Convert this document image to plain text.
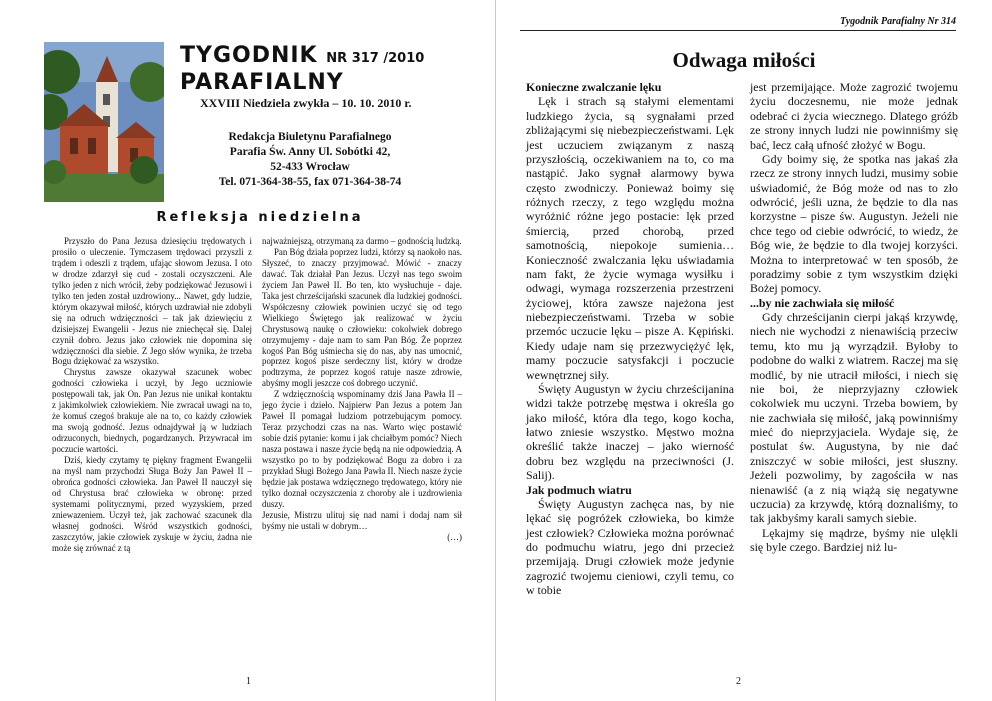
TYGODNIK NR 317 /2010
PARAFIALNY
XXVIII Niedziela zwykła – 10. 10. 2010 r.
Redakcja Biuletynu Parafialnego
Parafia Św. Anny Ul. Sobótki 42,
52-433 Wrocław
Tel. 071-364-38-55, fax 071-364-38-74
Refleksja niedzielna

Przyszło do Pana Jezusa dziesięciu trędowatych i prosiło o uleczenie. Tymczasem trędowaci przyszli z trądem i odeszli z trądem, ufając słowom Jezusa. I oto w drodze zdarzył się cud - zostali oczyszczeni. Ale tylko jeden z nich wrócił, żeby podziękować Jezusowi i tylko ten jeden został uzdrowiony... Nawet, gdy ludzie, którym okazywał miłość, których uzdrawiał nie zdobyli się na odruch wdzięczności – tak jak dziewięciu z dzisiejszej Ewangelii - Jezus nie zniechęcał się. Dalej czynił dobro. Jezus jako człowiek nie dopomina się wdzięczności dla siebie. Z Jego słów wynika, że trzeba Bogu dziękować za wszystko.

Chrystus zawsze okazywał szacunek wobec godności człowieka i uczył, by Jego uczniowie postępowali tak, jak On. Pan Jezus nie unikał kontaktu z jakimkolwiek człowiekiem. Nie zwracał uwagi na to, że komuś czegoś brakuje ale na to, co każdy człowiek ma swoją godność. Jezus odnajdywał ją w ludziach odrzuconych, biednych, pogardzanych. Przywracał im poczucie wartości.

Dziś, kiedy czytamy tę piękny fragment Ewangelii na myśl nam przychodzi Sługa Boży Jan Paweł II – obrońca godności człowieka. Jan Paweł II nauczył się od Chrystusa brać człowieka w obronę: przed systemami politycznymi, przed wyzyskiem, przed zniewazeniem. Uczył też, jak zachować szacunek dla własnej godności. Wśród wszystkich godności, zaszczytów, jakie człowiek zyskuje w życiu, żadna nie może się zrównać z tą

najważniejszą, otrzymaną za darmo – godnością ludzką.

Pan Bóg działa poprzez ludzi, którzy są naokoło nas. Słyszeć, to znaczy przyjmować. Mówić - znaczy dawać. Tak działał Pan Jezus. Uczył nas tego swoim życiem Jan Paweł II. Bo ten, kto wysłuchuje - daje. Taka jest chrześcijański szacunek dla ludzkiej godności. Współczesny człowiek powinien uczyć się od tego Wielkiego Świętego jak realizować w życiu Chrystusową naukę o człowieku: cokolwiek dobrego otrzymujemy - daje nam to sam Pan Bóg. Że poprzez kogoś Pan Bóg uśmiecha się do nas, aby nas umocnić, poprzez kogoś pisze serdeczny list, który w drodze podtrzyma, że poprzez kogoś ratuje nasze zdrowie, abyśmy mogli jeszcze coś dobrego uczynić.

Z wdzięcznością wspominamy dziś Jana Pawła II – jego życie i dzieło. Najpierw Pan Jezus a potem Jan Paweł II pomagał ludziom potrzebującym pomocy. Teraz przychodzi czas na nas. Warto więc postawić sobie dziś pytanie: komu i jak chciałbym pomóc? Niech nasza postawa i nasze życie będą na nie odpowiedzią. A wszystko po to by podziękować Bogu za dobro i za przykład Sługi Bożego Jana Pawła II. Niech nasze życie będzie jak postawa wdzięcznego trędowatego, który nie tylko doznał oczyszczenia z choroby ale i uzdrowienia duszy.

Jezusie, Mistrzu ulituj się nad nami i dodaj nam sił byśmy nie ustali w dobrym…

(…)

1
Tygodnik Parafialny Nr 314
Odwaga miłości
Konieczne zwalczanie lęku

Lęk i strach są stałymi elementami ludzkiego życia, są sygnałami przed zbliżającymi się niebezpieczeństwami. Lęk jest uczuciem związanym z naszą przyszłością, oczekiwaniem na to, co ma nastąpić. Jako sygnał alarmowy bywa często zwodniczy. Ponieważ boimy się różnych rzeczy, z tego względu można wyróżnić różne jego postacie: lęk przed śmiercią, przed chorobą, przed samotnością, niepokoje sumienia… Konieczność zwalczania lęku uświadamia nam fakt, że życie wymaga wysiłku i odwagi, wymaga rozszerzenia przestrzeni życiowej, która zawsze najeżona jest niebezpieczeństwami. Trzeba w sobie przemóc uczucie lęku – pisze A. Kępiński. Kiedy udaje nam się przezwyciężyć lęk, mamy poczucie satysfakcji i poczucie wewnętrznej siły.

Święty Augustyn w życiu chrześcijanina widzi także potrzebę męstwa i określa go jako miłość, która dla tego, kogo kocha, łatwo zniesie wszystko. Męstwo można określić także inaczej – jako wierność dobru bez względu na przeciwności (J. Salij).

Jak podmuch wiatru

Święty Augustyn zachęca nas, by nie lękać się pogróżek człowieka, bo kimże jest człowiek? Człowieka można porównać do podmuchu wiatru, jego dni przecież przemijają. Drugi człowiek może jedynie zagrozić twojemu cieniowi, czyli temu, co w tobie

jest przemijające. Może zagrozić twojemu życiu doczesnemu, nie może jednak odebrać ci życia wiecznego. Dlatego gróźb ze strony innych ludzi nie powinniśmy się bać, lecz całą ufność złożyć w Bogu.

Gdy boimy się, że spotka nas jakaś zła rzecz ze strony innych ludzi, musimy sobie uświadomić, że Bóg może od nas to zło odwrócić, jeśli uzna, że będzie to dla nas korzystne – pisze św. Augustyn. Jeżeli nie chce tego od ciebie odwrócić, to wiedz, że Bóg wie, że będzie to dla twojej korzyści. Można to interpretować w ten sposób, że poradzimy sobie z tym wszystkim dzięki Bożej pomocy.

...by nie zachwiała się miłość

Gdy chrześcijanin cierpi jakąś krzywdę, niech nie wychodzi z nienawiścią przeciw temu, kto mu ją wyrządził. Byłoby to podobne do walki z wiatrem. Raczej ma się modlić, by nie utracił miłości, i niech się nie boi, że nieprzyjazny człowiek cokolwiek mu uczyni. Trzeba bowiem, by nie zachwiała się miłość, jaką powinniśmy mieć do nieprzyjaciela. Wydaje się, że postulat św. Augustyna, by nie dać zniszczyć w sobie miłości, jest słuszny. Jeżeli pozwolimy, by zagościła w nas nienawiść (a z nią wiążą się negatywne uczucia) za krzywdę, którą doznaliśmy, to tak jakbyśmy karali samych siebie.

Lękajmy się mądrze, byśmy nie ulękli się byle czego. Bardziej niż lu-

2
